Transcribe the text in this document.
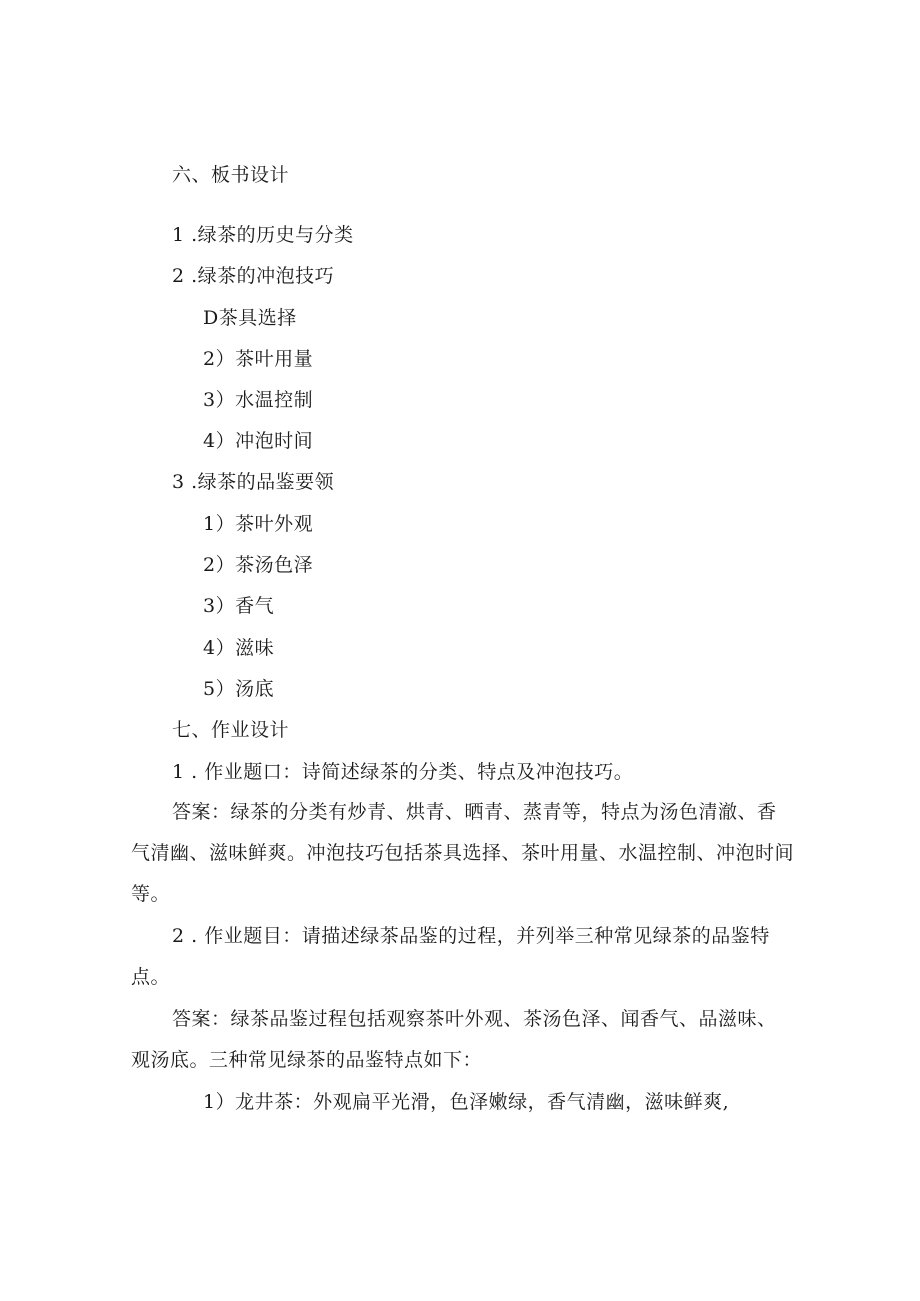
六、板书设计
1 .绿茶的历史与分类
2 .绿茶的冲泡技巧
D茶具选择
2）茶叶用量
3）水温控制
4）冲泡时间
3 .绿茶的品鉴要领
1）茶叶外观
2）茶汤色泽
3）香气
4）滋味
5）汤底
七、作业设计
1 . 作业题口：诗简述绿茶的分类、特点及冲泡技巧。
答案：绿茶的分类有炒青、烘青、晒青、蒸青等，特点为汤色清澈、香气清幽、滋味鲜爽。冲泡技巧包括茶具选择、茶叶用量、水温控制、冲泡时间等。
2 . 作业题目：请描述绿茶品鉴的过程，并列举三种常见绿茶的品鉴特点。
答案：绿茶品鉴过程包括观察茶叶外观、茶汤色泽、闻香气、品滋味、观汤底。三种常见绿茶的品鉴特点如下：
1）龙井茶：外观扁平光滑，色泽嫩绿，香气清幽，滋味鲜爽,
